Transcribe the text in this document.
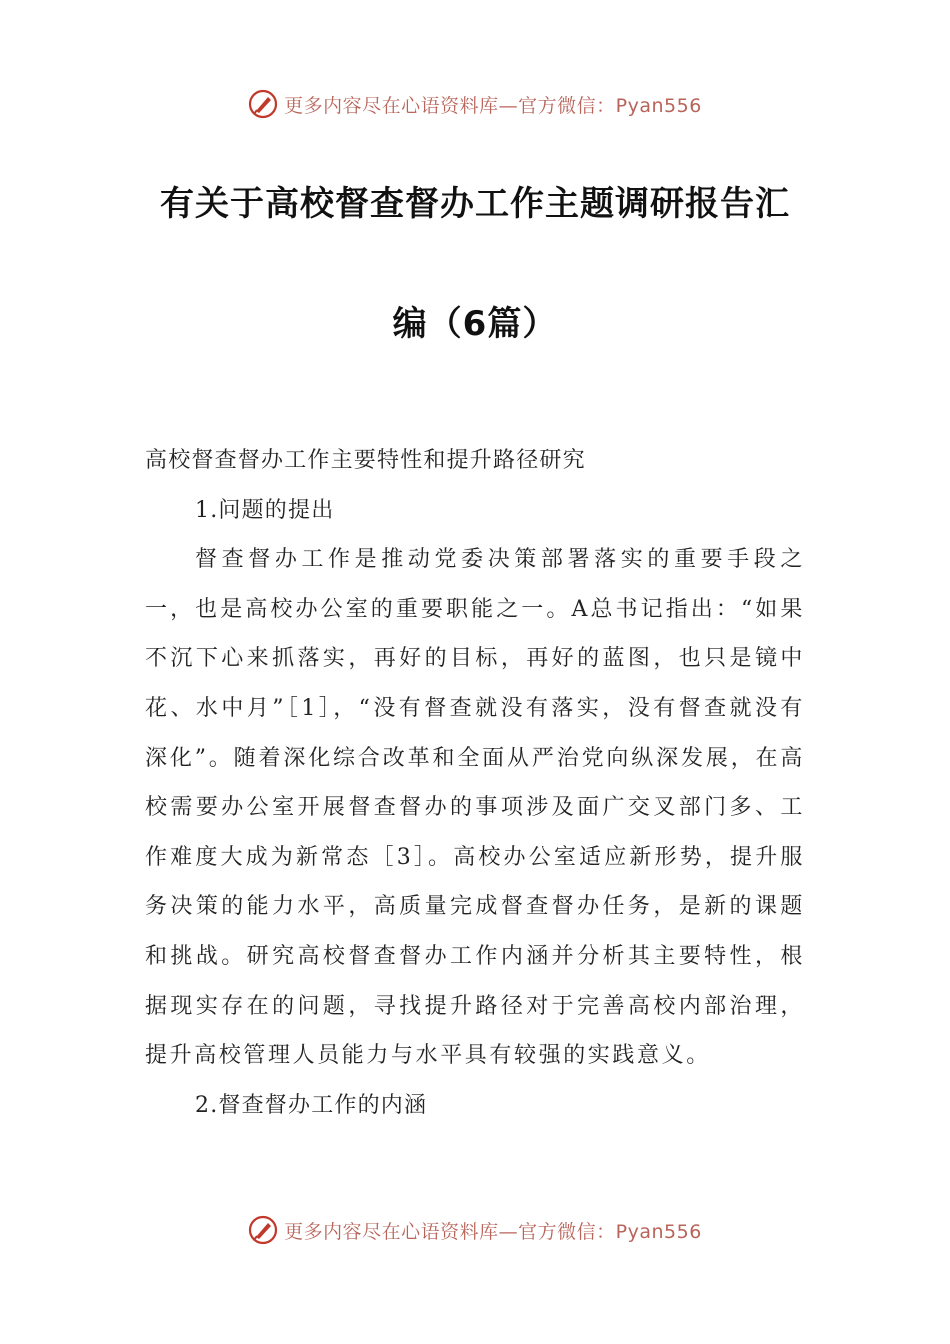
更多内容尽在心语资料库—官方微信：Pyan556
有关于高校督查督办工作主题调研报告汇
编（6篇）

高校督查督办工作主要特性和提升路径研究

1.问题的提出

督查督办工作是推动党委决策部署落实的重要手段之一，也是高校办公室的重要职能之一。A总书记指出：“如果不沉下心来抓落实，再好的目标，再好的蓝图，也只是镜中花、水中月”［1］，“没有督查就没有落实，没有督查就没有深化”。随着深化综合改革和全面从严治党向纵深发展，在高校需要办公室开展督查督办的事项涉及面广交叉部门多、工作难度大成为新常态［3］。高校办公室适应新形势，提升服务决策的能力水平，高质量完成督查督办任务，是新的课题和挑战。研究高校督查督办工作内涵并分析其主要特性，根据现实存在的问题，寻找提升路径对于完善高校内部治理，提升高校管理人员能力与水平具有较强的实践意义。

2.督查督办工作的内涵

更多内容尽在心语资料库—官方微信：Pyan556
